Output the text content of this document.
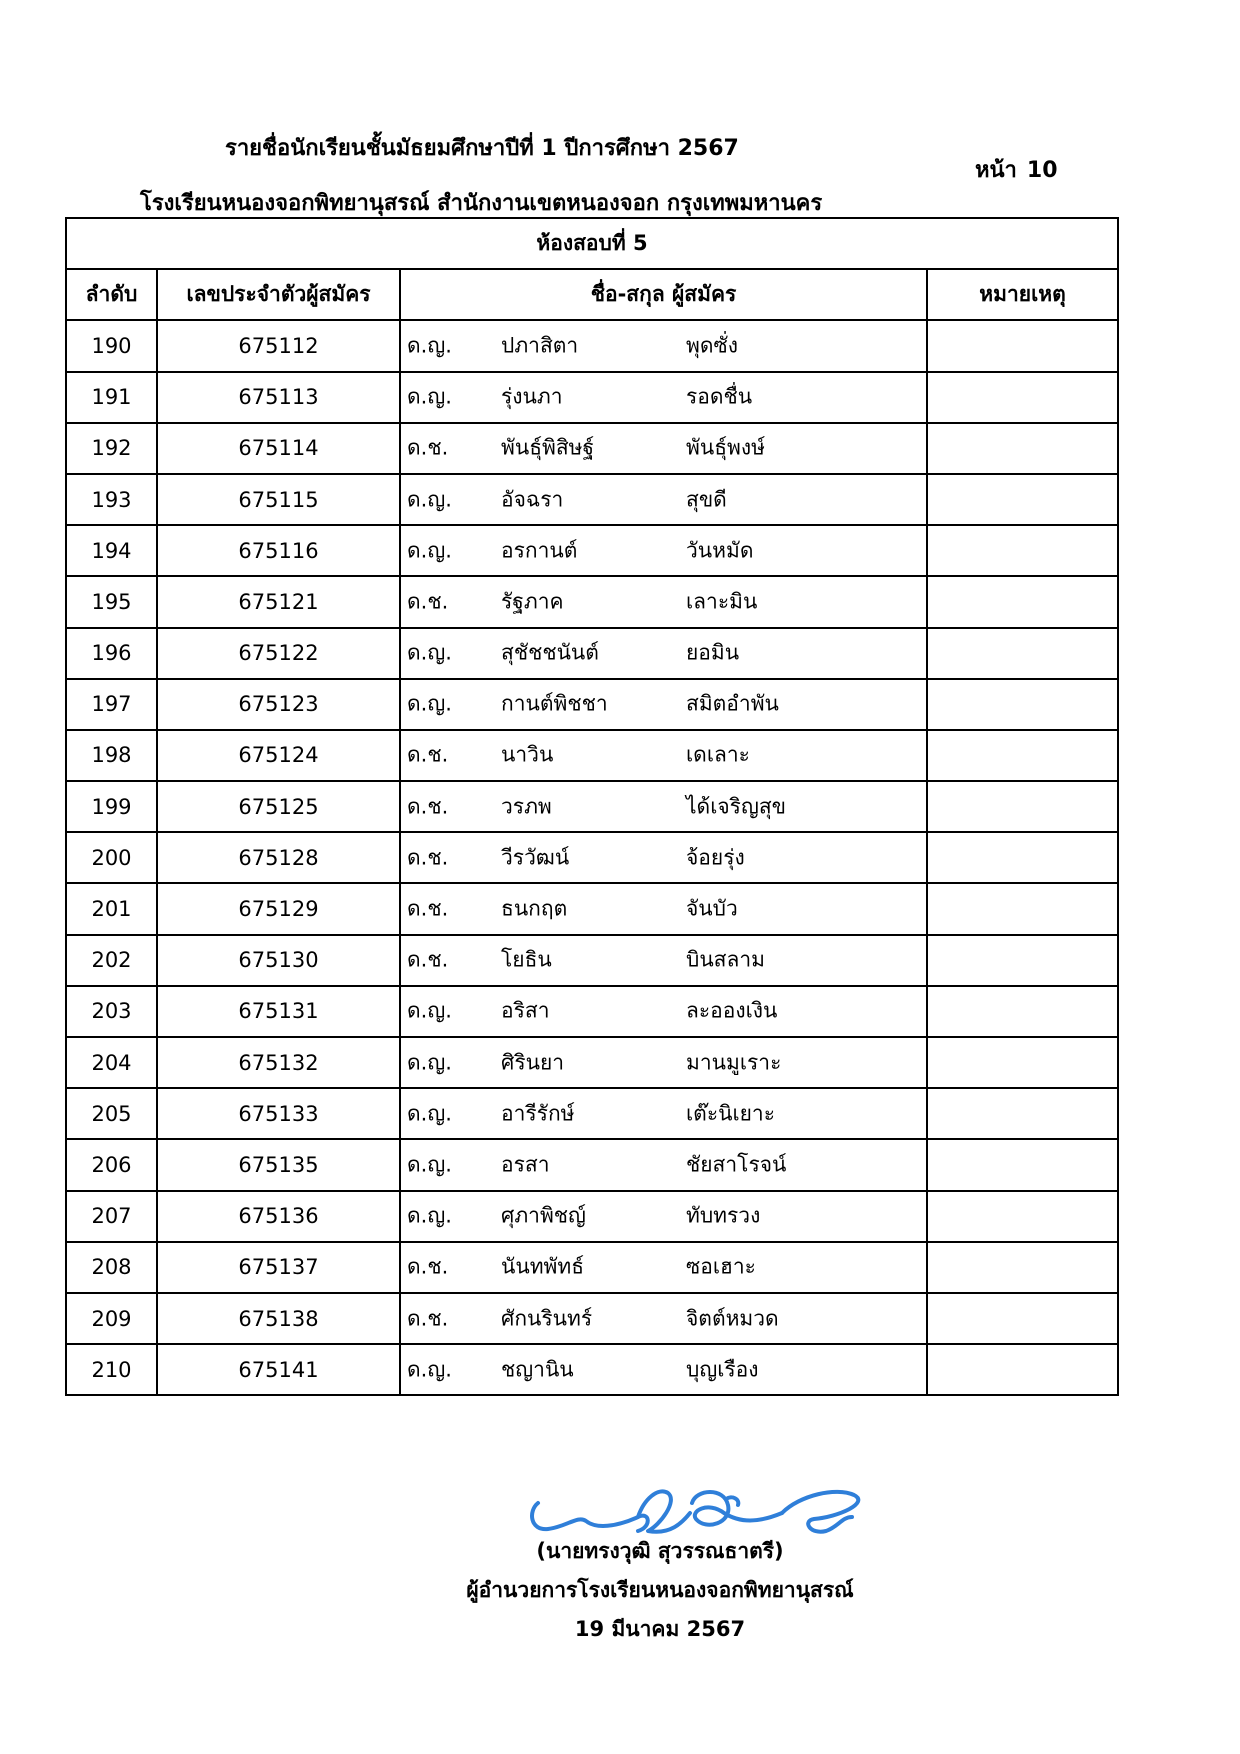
รายชื่อนักเรียนชั้นมัธยมศึกษาปีที่ 1 ปีการศึกษา 2567
หน้า 10
โรงเรียนหนองจอกพิทยานุสรณ์ สำนักงานเขตหนองจอก กรุงเทพมหานคร
ห้องสอบที่ 5			
ลำดับ	เลขประจำตัวผู้สมัคร	ชื่อ-สกุล ผู้สมัคร	หมายเหตุ
190	675112	ด.ญ. ปภาสิตา พุดซั่ง	

191	675113	ด.ญ. รุ่งนภา รอดชื่น	

192	675114	ด.ช. พันธุ์พิสิษฐ์ พันธุ์พงษ์	

193	675115	ด.ญ. อัจฉรา สุขดี	

194	675116	ด.ญ. อรกานต์ วันหมัด	

195	675121	ด.ช. รัฐภาค เลาะมิน	

196	675122	ด.ญ. สุชัชชนันต์ ยอมิน	

197	675123	ด.ญ. กานต์พิชชา สมิตอำพัน	

198	675124	ด.ช. นาวิน เดเลาะ	

199	675125	ด.ช. วรภพ ได้เจริญสุข	

200	675128	ด.ช. วีรวัฒน์ จ้อยรุ่ง	

201	675129	ด.ช. ธนกฤต จันบัว	

202	675130	ด.ช. โยธิน บินสลาม	

203	675131	ด.ญ. อริสา ละอองเงิน	

204	675132	ด.ญ. ศิรินยา มานมูเราะ	

205	675133	ด.ญ. อารีรักษ์ เต๊ะนิเยาะ	

206	675135	ด.ญ. อรสา ชัยสาโรจน์	

207	675136	ด.ญ. ศุภาพิชญ์ ทับทรวง	

208	675137	ด.ช. นันทพัทธ์ ซอเฮาะ	

209	675138	ด.ช. ศักนรินทร์ จิตต์หมวด	

210	675141	ด.ญ. ชญานิน บุญเรือง	

(นายทรงวุฒิ สุวรรณธาตรี)
ผู้อำนวยการโรงเรียนหนองจอกพิทยานุสรณ์
19 มีนาคม 2567
